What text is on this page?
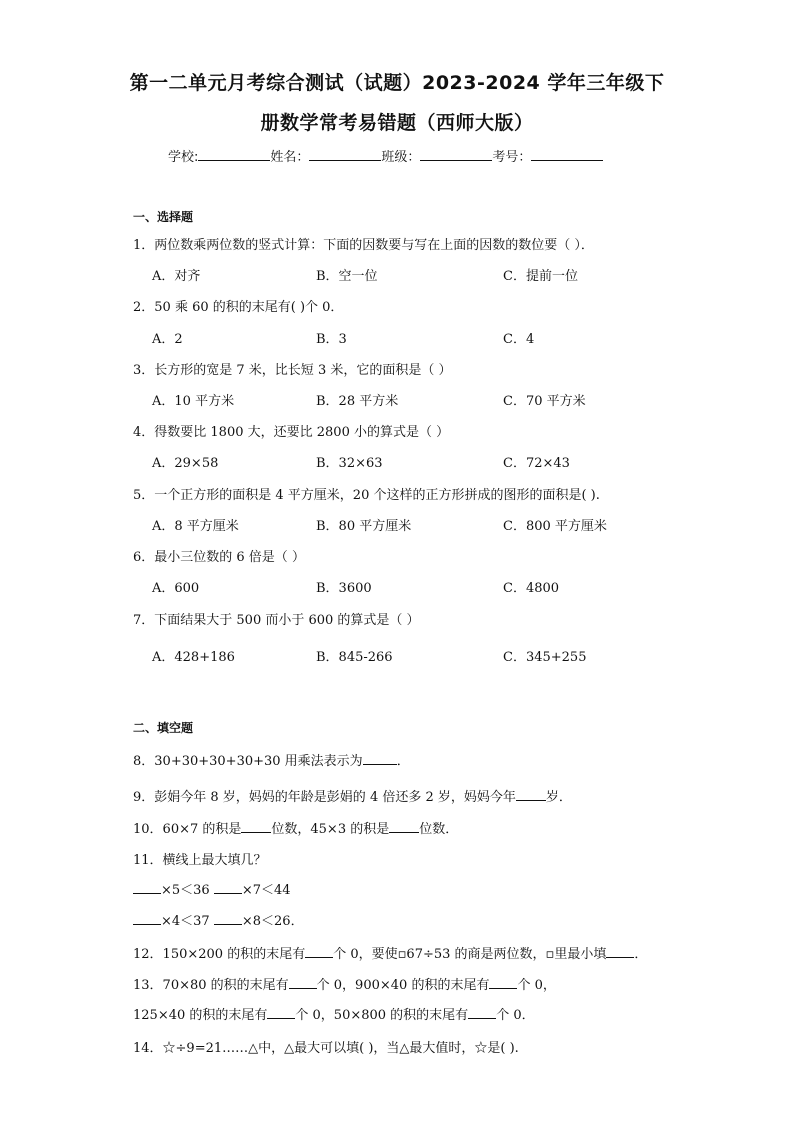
第一二单元月考综合测试（试题）2023-2024 学年三年级下
册数学常考易错题（西师大版）
学校:	姓名：	班级：	考号：
一、选择题
1．两位数乘两位数的竖式计算：下面的因数要与写在上面的因数的数位要（ ）．
A．对齐	B．空一位	C．提前一位
2．50 乘 60 的积的末尾有( )个 0．
A．2	B．3	C．4
3．长方形的宽是 7 米，比长短 3 米，它的面积是（ ）
A．10 平方米	B．28 平方米	C．70 平方米
4．得数要比 1800 大，还要比 2800 小的算式是（ ）
A．29×58	B．32×63	C．72×43
5．一个正方形的面积是 4 平方厘米，20 个这样的正方形拼成的图形的面积是( ).
A．8 平方厘米	B．80 平方厘米	C．800 平方厘米
6．最小三位数的 6 倍是（ ）
A．600	B．3600	C．4800
7．下面结果大于 500 而小于 600 的算式是（ ）
A．428+186	B．845-266	C．345+255
二、填空题
8．30+30+30+30+30 用乘法表示为	．
9．彭娟今年 8 岁，妈妈的年龄是彭娟的 4 倍还多 2 岁，妈妈今年 岁．
10．60×7 的积是 位数，45×3 的积是 位数．
11．横线上最大填几？
×5＜36 ×7＜44
×4＜37 ×8＜26．
12．150×200 的积的末尾有 个 0，要使▫67÷53 的商是两位数，▫里最小填 ．
13．70×80 的积的末尾有 个 0，900×40 的积的末尾有 个 0，
125×40 的积的末尾有 个 0，50×800 的积的末尾有 个 0．
14．☆÷9=21……△中，△最大可以填( )，当△最大值时，☆是( ).
